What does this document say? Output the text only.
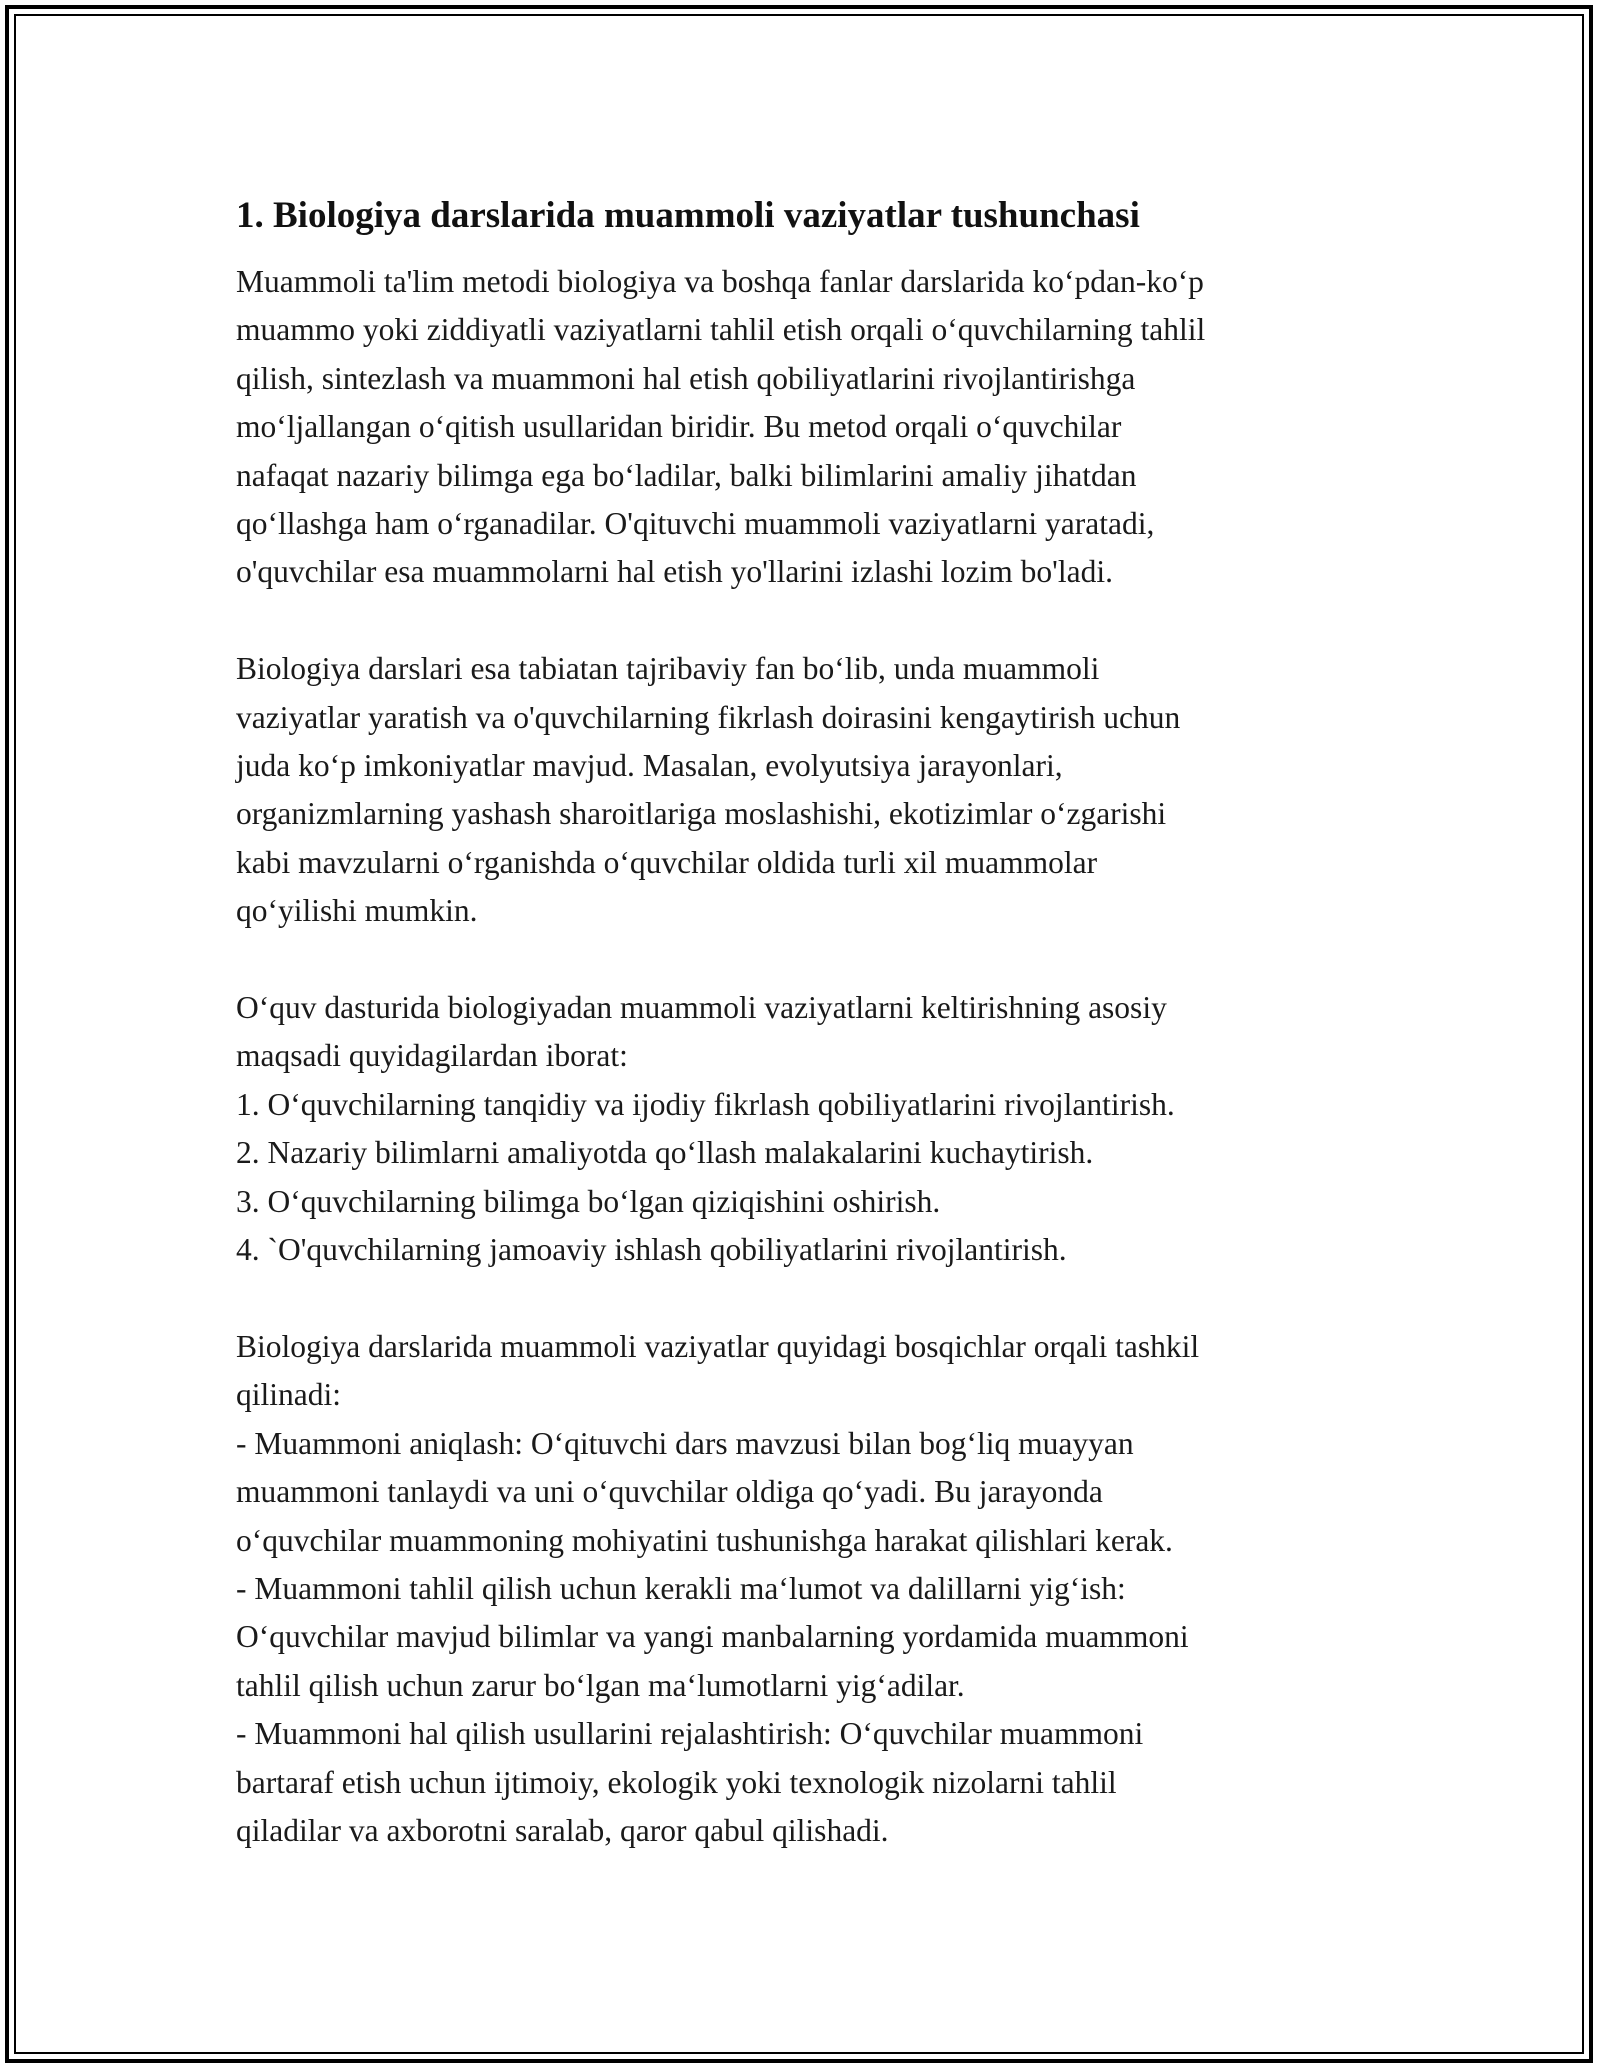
1. Biologiya darslarida muammoli vaziyatlar tushunchasi

Muammoli ta'lim metodi biologiya va boshqa fanlar darslarida ko‘pdan-ko‘p
muammo yoki ziddiyatli vaziyatlarni tahlil etish orqali o‘quvchilarning tahlil
qilish, sintezlash va muammoni hal etish qobiliyatlarini rivojlantirishga
mo‘ljallangan o‘qitish usullaridan biridir. Bu metod orqali o‘quvchilar
nafaqat nazariy bilimga ega bo‘ladilar, balki bilimlarini amaliy jihatdan
qo‘llashga ham o‘rganadilar. O'qituvchi muammoli vaziyatlarni yaratadi,
o'quvchilar esa muammolarni hal etish yo'llarini izlashi lozim bo'ladi.

Biologiya darslari esa tabiatan tajribaviy fan bo‘lib, unda muammoli
vaziyatlar yaratish va o'quvchilarning fikrlash doirasini kengaytirish uchun
juda ko‘p imkoniyatlar mavjud. Masalan, evolyutsiya jarayonlari,
organizmlarning yashash sharoitlariga moslashishi, ekotizimlar o‘zgarishi
kabi mavzularni o‘rganishda o‘quvchilar oldida turli xil muammolar
qo‘yilishi mumkin.

O‘quv dasturida biologiyadan muammoli vaziyatlarni keltirishning asosiy
maqsadi quyidagilardan iborat:
1. O‘quvchilarning tanqidiy va ijodiy fikrlash qobiliyatlarini rivojlantirish.
2. Nazariy bilimlarni amaliyotda qo‘llash malakalarini kuchaytirish.
3. O‘quvchilarning bilimga bo‘lgan qiziqishini oshirish.
4. `O'quvchilarning jamoaviy ishlash qobiliyatlarini rivojlantirish.

Biologiya darslarida muammoli vaziyatlar quyidagi bosqichlar orqali tashkil
qilinadi:
- Muammoni aniqlash: O‘qituvchi dars mavzusi bilan bog‘liq muayyan
muammoni tanlaydi va uni o‘quvchilar oldiga qo‘yadi. Bu jarayonda
o‘quvchilar muammoning mohiyatini tushunishga harakat qilishlari kerak.
- Muammoni tahlil qilish uchun kerakli ma‘lumot va dalillarni yig‘ish:
O‘quvchilar mavjud bilimlar va yangi manbalarning yordamida muammoni
tahlil qilish uchun zarur bo‘lgan ma‘lumotlarni yig‘adilar.
- Muammoni hal qilish usullarini rejalashtirish: O‘quvchilar muammoni
bartaraf etish uchun ijtimoiy, ekologik yoki texnologik nizolarni tahlil
qiladilar va axborotni saralab, qaror qabul qilishadi.
